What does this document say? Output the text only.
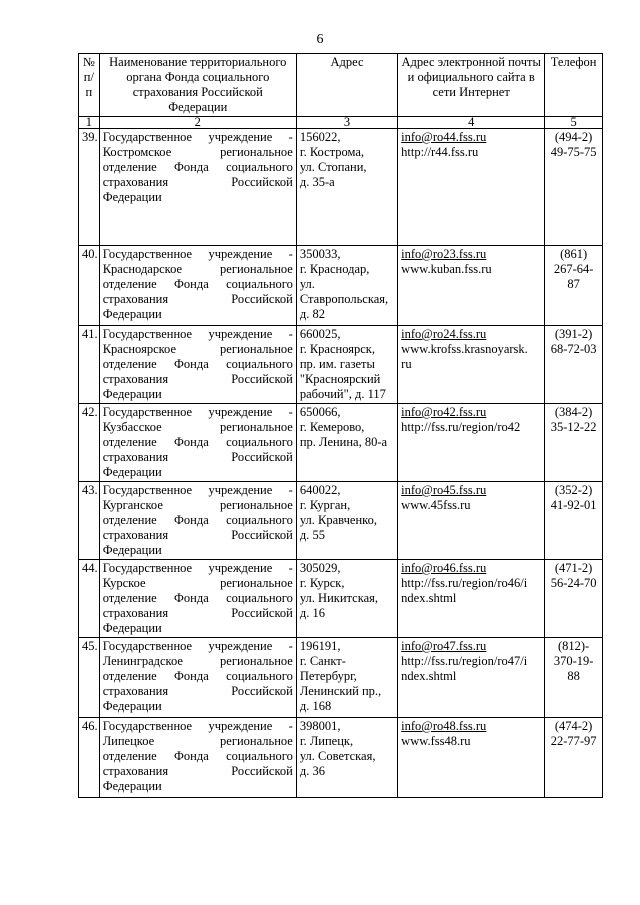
6
№ п/п	Наименование территориального органа Фонда социального страхования Российской Федерации	Адрес	Адрес электронной почты и официального сайта в сети Интернет	Телефон
1	2	3	4	5
39.	Государственное учреждение -
Костромское региональное
отделение Фонда социального
страхования Российской
Федерации	156022,
г. Кострома,
ул. Стопани,
д. 35-а	info@ro44.fss.ru
http://r44.fss.ru	(494-2)
49-75-75

40.	Государственное учреждение -
Краснодарское региональное
отделение Фонда социального
страхования Российской
Федерации	350033,
г. Краснодар,
ул.
Ставропольская,
д. 82	info@ro23.fss.ru
www.kuban.fss.ru	(861)
267-64-87

41.	Государственное учреждение -
Красноярское региональное
отделение Фонда социального
страхования Российской
Федерации	660025,
г. Красноярск,
пр. им. газеты
"Красноярский
рабочий", д. 117	info@ro24.fss.ru
www.krofss.krasnoyarsk.
ru	(391-2)
68-72-03

42.	Государственное учреждение -
Кузбасское региональное
отделение Фонда социального
страхования Российской
Федерации	650066,
г. Кемерово,
пр. Ленина, 80-а	info@ro42.fss.ru
http://fss.ru/region/ro42	(384-2)
35-12-22

43.	Государственное учреждение -
Курганское региональное
отделение Фонда социального
страхования Российской
Федерации	640022,
г. Курган,
ул. Кравченко,
д. 55	info@ro45.fss.ru
www.45fss.ru	(352-2)
41-92-01

44.	Государственное учреждение -
Курское региональное
отделение Фонда социального
страхования Российской
Федерации	305029,
г. Курск,
ул. Никитская,
д. 16	info@ro46.fss.ru
http://fss.ru/region/ro46/i
ndex.shtml	(471-2)
56-24-70

45.	Государственное учреждение -
Ленинградское региональное
отделение Фонда социального
страхования Российской
Федерации	196191,
г. Санкт-
Петербург,
Ленинский пр.,
д. 168	info@ro47.fss.ru
http://fss.ru/region/ro47/i
ndex.shtml	(812)-
370-19-88

46.	Государственное учреждение -
Липецкое региональное
отделение Фонда социального
страхования Российской
Федерации	398001,
г. Липецк,
ул. Советская,
д. 36	info@ro48.fss.ru
www.fss48.ru	(474-2)
22-77-97
